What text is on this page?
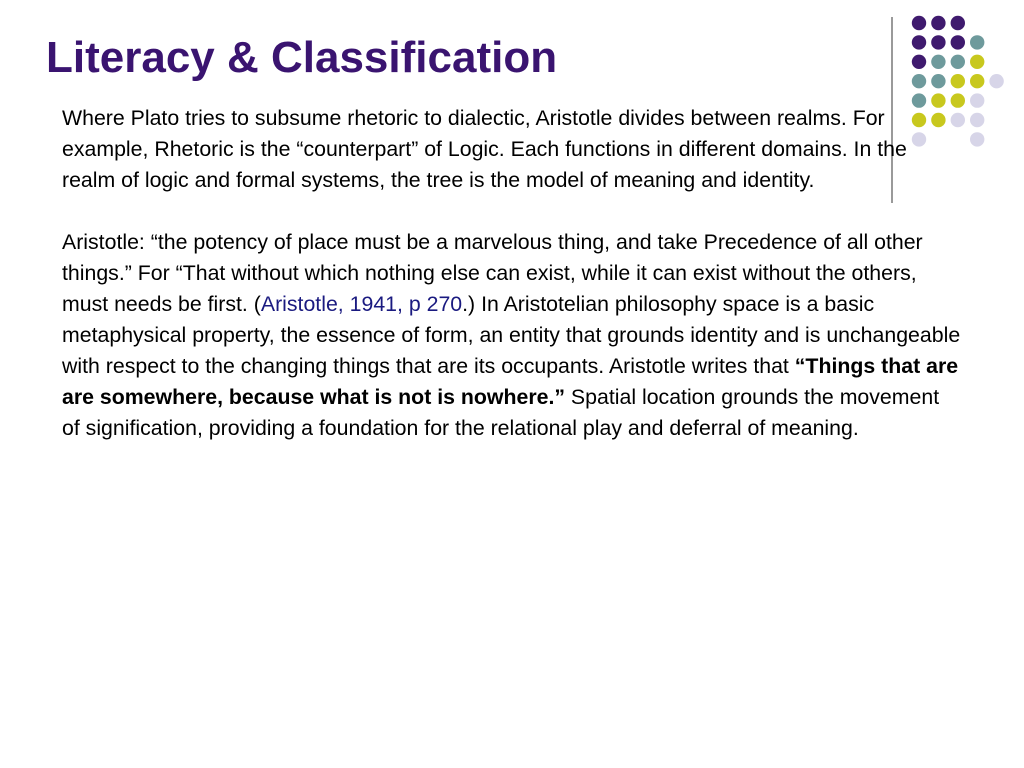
Literacy & Classification

Where Plato tries to subsume rhetoric to dialectic, Aristotle divides between realms. For example, Rhetoric is the “counterpart” of Logic. Each functions in different domains. In the realm of logic and formal systems, the tree is the model of meaning and identity.

Aristotle: “the potency of place must be a marvelous thing, and take Precedence of all other things.” For “That without which nothing else can exist, while it can exist without the others, must needs be first. (Aristotle, 1941, p 270.) In Aristotelian philosophy space is a basic metaphysical property, the essence of form, an entity that grounds identity and is unchangeable with respect to the changing things that are its occupants. Aristotle writes that “Things that are are somewhere, because what is not is nowhere.” Spatial location grounds the movement of signification, providing a foundation for the relational play and deferral of meaning.
